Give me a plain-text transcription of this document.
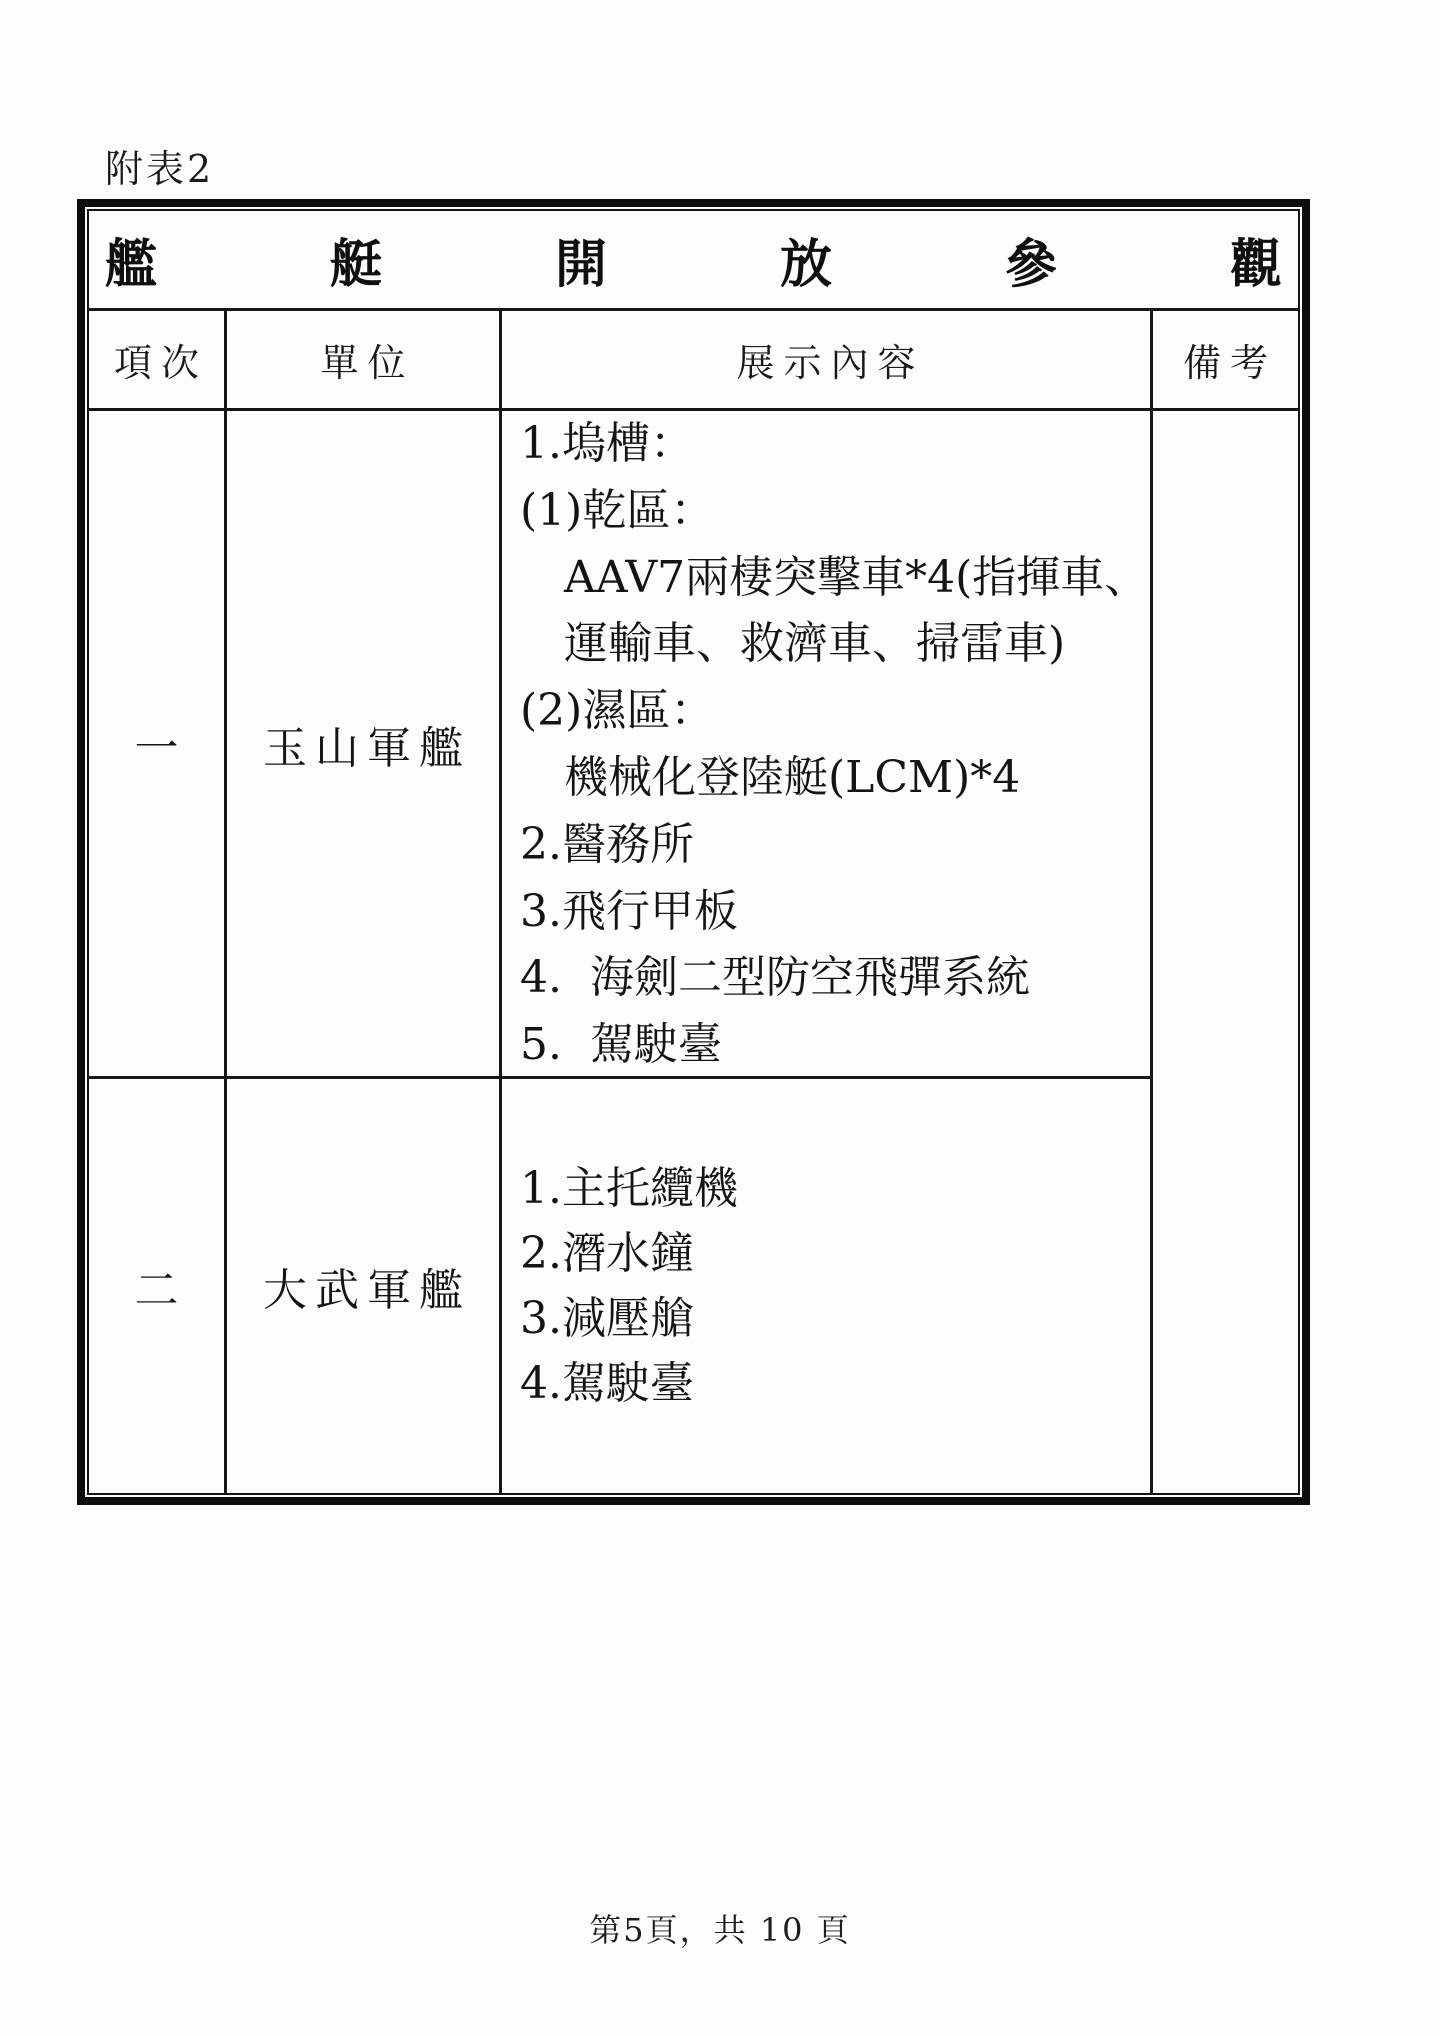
附表2
艦	艇	開	放	參	觀
項次	單位	展示內容	備考
一	玉山軍艦
1.塢槽：
(1)乾區：
　AAV7兩棲突擊車*4(指揮車、
　運輸車、救濟車、掃雷車)
(2)濕區：
　機械化登陸艇(LCM)*4
2.醫務所
3.飛行甲板
4.  海劍二型防空飛彈系統
5.  駕駛臺
二	大武軍艦
1.主托纜機
2.潛水鐘
3.減壓艙
4.駕駛臺
第5頁，共 10 頁
